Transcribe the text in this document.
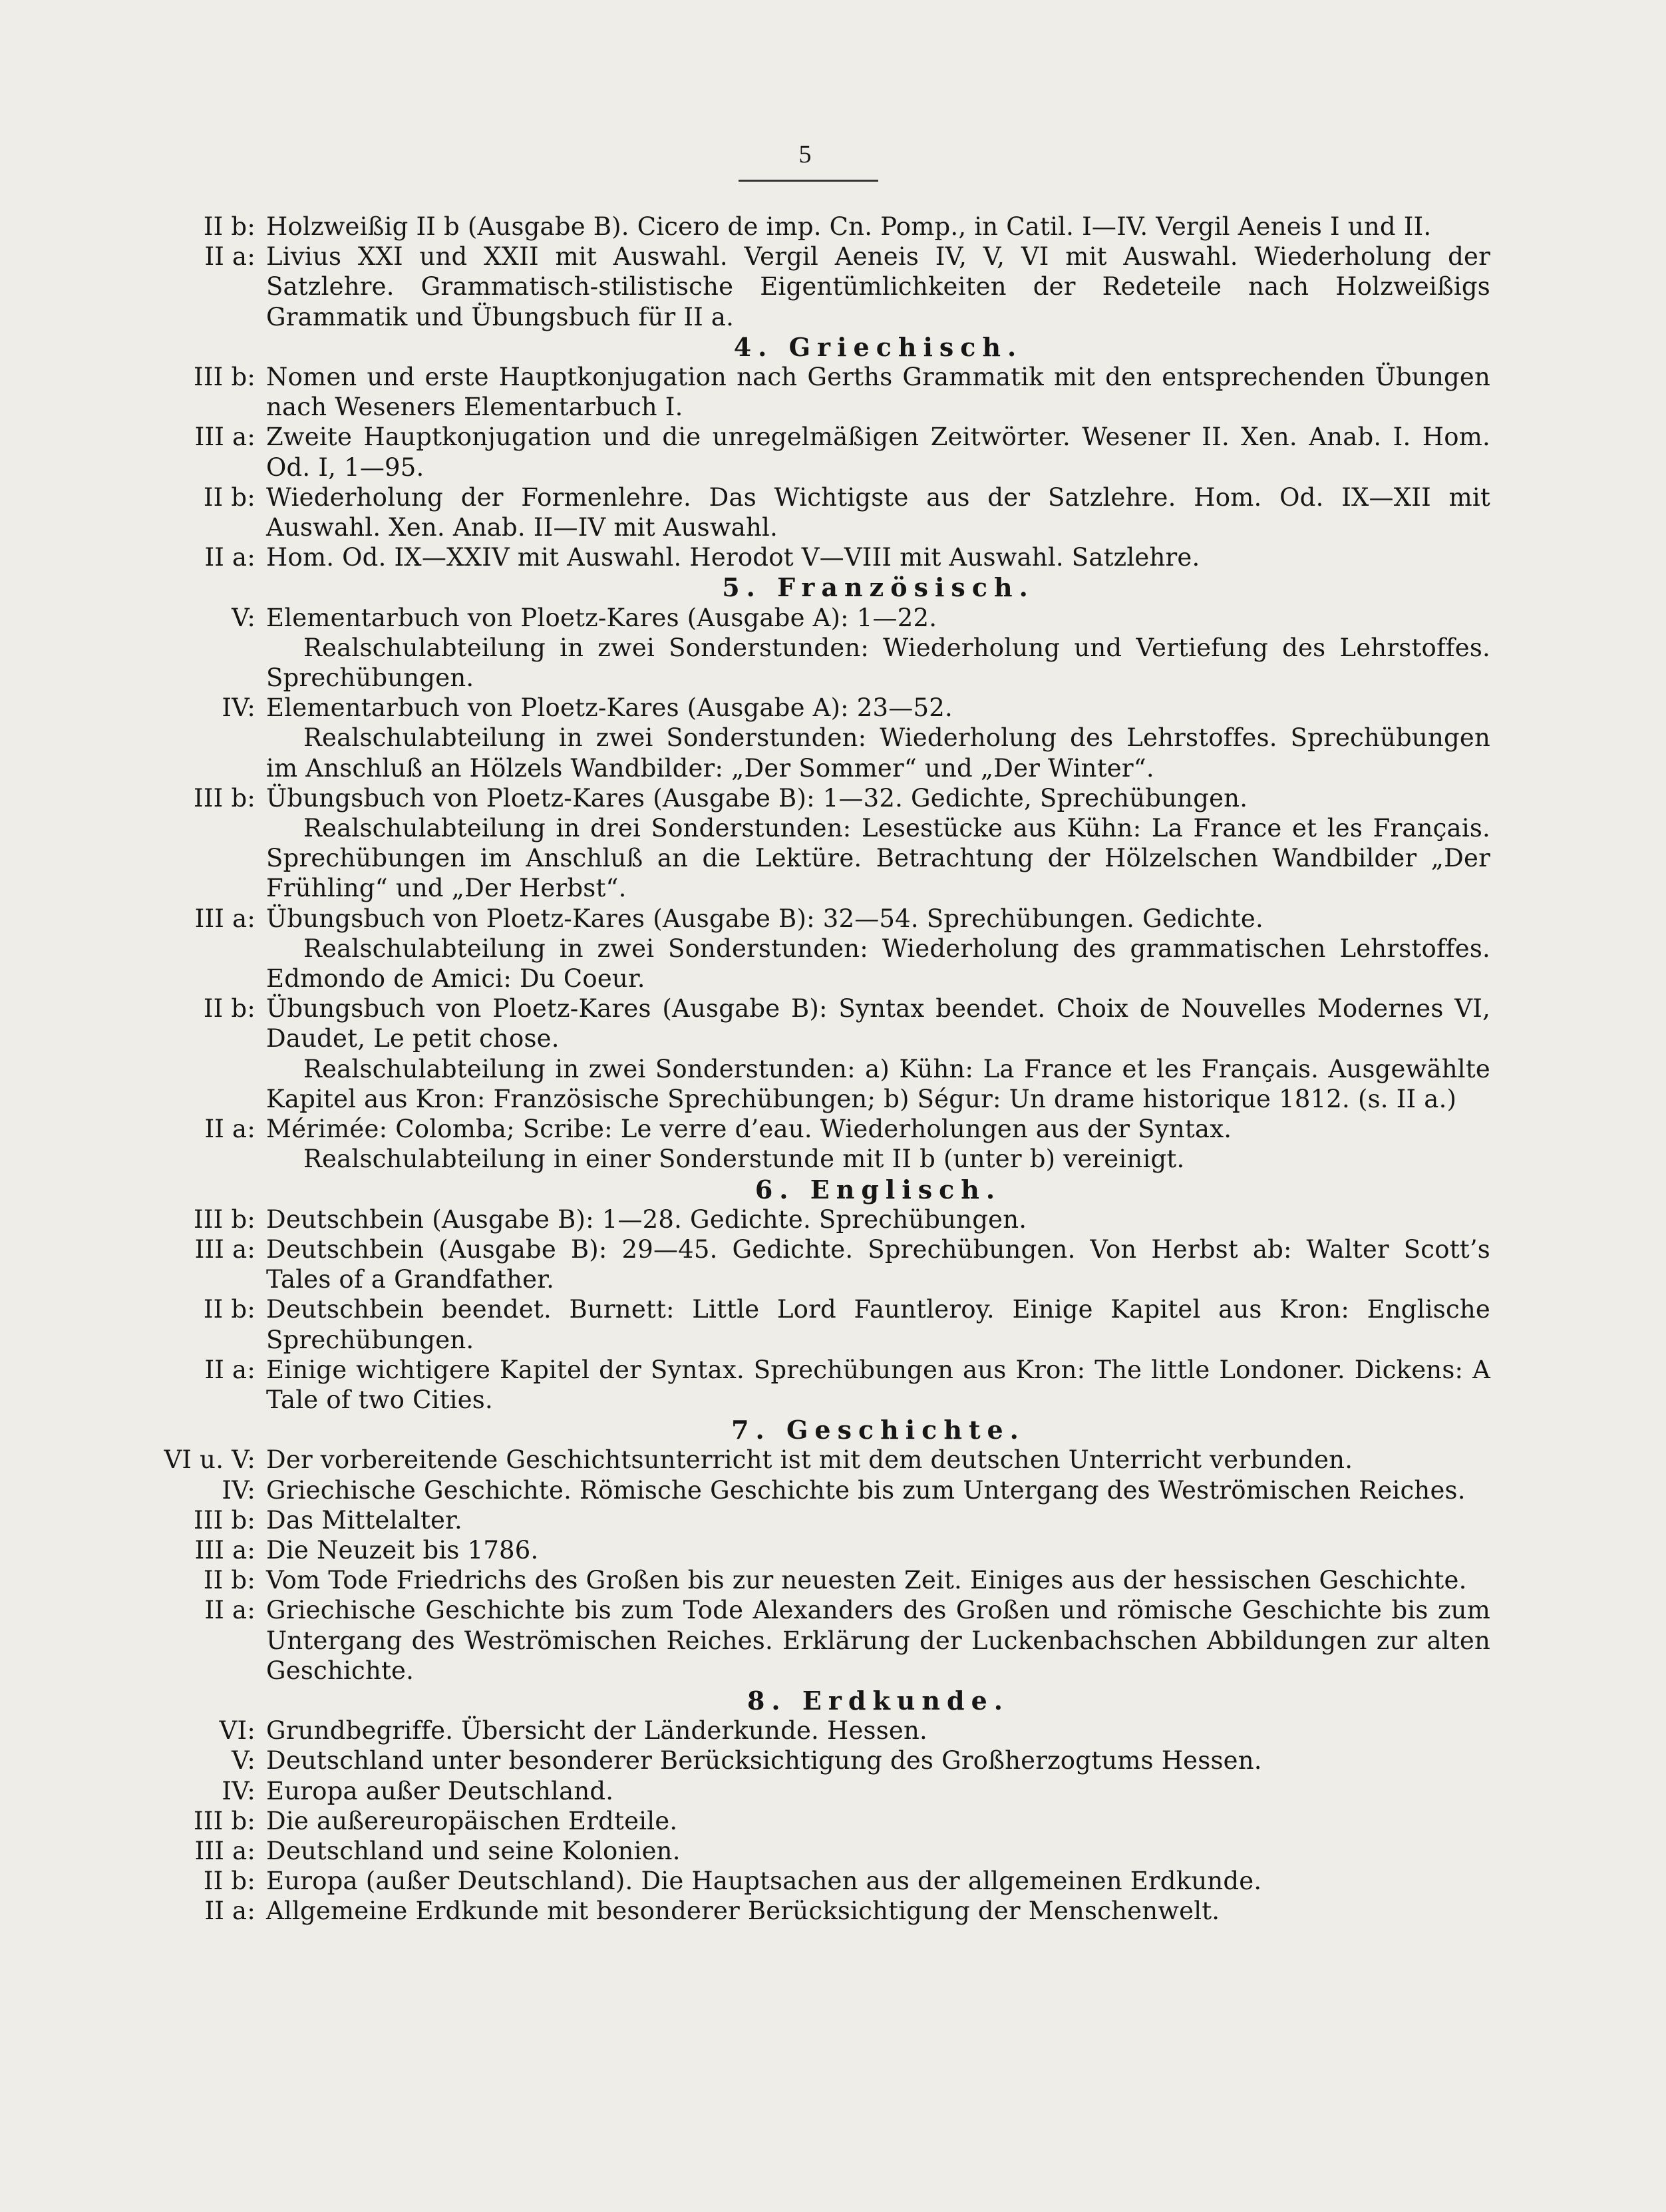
5
II b: Holzweißig II b (Ausgabe B). Cicero de imp. Cn. Pomp., in Catil. I—IV. Vergil Aeneis I und II.
II a: Livius XXI und XXII mit Auswahl. Vergil Aeneis IV, V, VI mit Auswahl. Wiederholung der Satzlehre. Grammatisch-stilistische Eigentümlichkeiten der Redeteile nach Holzweißigs Grammatik und Übungsbuch für II a.
4. Griechisch.
III b: Nomen und erste Hauptkonjugation nach Gerths Grammatik mit den entsprechenden Übungen nach Weseners Elementarbuch I.
III a: Zweite Hauptkonjugation und die unregelmäßigen Zeitwörter. Wesener II. Xen. Anab. I. Hom. Od. I, 1—95.
II b: Wiederholung der Formenlehre. Das Wichtigste aus der Satzlehre. Hom. Od. IX—XII mit Auswahl. Xen. Anab. II—IV mit Auswahl.
II a: Hom. Od. IX—XXIV mit Auswahl. Herodot V—VIII mit Auswahl. Satzlehre.
5. Französisch.
V: Elementarbuch von Ploetz-Kares (Ausgabe A): 1—22.
Realschulabteilung in zwei Sonderstunden: Wiederholung und Vertiefung des Lehrstoffes. Sprechübungen.
IV: Elementarbuch von Ploetz-Kares (Ausgabe A): 23—52.
Realschulabteilung in zwei Sonderstunden: Wiederholung des Lehrstoffes. Sprechübungen im Anschluß an Hölzels Wandbilder: „Der Sommer“ und „Der Winter“.
III b: Übungsbuch von Ploetz-Kares (Ausgabe B): 1—32. Gedichte, Sprechübungen.
Realschulabteilung in drei Sonderstunden: Lesestücke aus Kühn: La France et les Français. Sprechübungen im Anschluß an die Lektüre. Betrachtung der Hölzelschen Wandbilder „Der Frühling“ und „Der Herbst“.
III a: Übungsbuch von Ploetz-Kares (Ausgabe B): 32—54. Sprechübungen. Gedichte.
Realschulabteilung in zwei Sonderstunden: Wiederholung des grammatischen Lehrstoffes. Edmondo de Amici: Du Coeur.
II b: Übungsbuch von Ploetz-Kares (Ausgabe B): Syntax beendet. Choix de Nouvelles Modernes VI, Daudet, Le petit chose.
Realschulabteilung in zwei Sonderstunden: a) Kühn: La France et les Français. Ausgewählte Kapitel aus Kron: Französische Sprechübungen; b) Ségur: Un drame historique 1812. (s. II a.)
II a: Mérimée: Colomba; Scribe: Le verre d’eau. Wiederholungen aus der Syntax.
Realschulabteilung in einer Sonderstunde mit II b (unter b) vereinigt.
6. Englisch.
III b: Deutschbein (Ausgabe B): 1—28. Gedichte. Sprechübungen.
III a: Deutschbein (Ausgabe B): 29—45. Gedichte. Sprechübungen. Von Herbst ab: Walter Scott’s Tales of a Grandfather.
II b: Deutschbein beendet. Burnett: Little Lord Fauntleroy. Einige Kapitel aus Kron: Englische Sprechübungen.
II a: Einige wichtigere Kapitel der Syntax. Sprechübungen aus Kron: The little Londoner. Dickens: A Tale of two Cities.
7. Geschichte.
VI u. V: Der vorbereitende Geschichtsunterricht ist mit dem deutschen Unterricht verbunden.
IV: Griechische Geschichte. Römische Geschichte bis zum Untergang des Weströmischen Reiches.
III b: Das Mittelalter.
III a: Die Neuzeit bis 1786.
II b: Vom Tode Friedrichs des Großen bis zur neuesten Zeit. Einiges aus der hessischen Geschichte.
II a: Griechische Geschichte bis zum Tode Alexanders des Großen und römische Geschichte bis zum Untergang des Weströmischen Reiches. Erklärung der Luckenbachschen Abbildungen zur alten Geschichte.
8. Erdkunde.
VI: Grundbegriffe. Übersicht der Länderkunde. Hessen.
V: Deutschland unter besonderer Berücksichtigung des Großherzogtums Hessen.
IV: Europa außer Deutschland.
III b: Die außereuropäischen Erdteile.
III a: Deutschland und seine Kolonien.
II b: Europa (außer Deutschland). Die Hauptsachen aus der allgemeinen Erdkunde.
II a: Allgemeine Erdkunde mit besonderer Berücksichtigung der Menschenwelt.
